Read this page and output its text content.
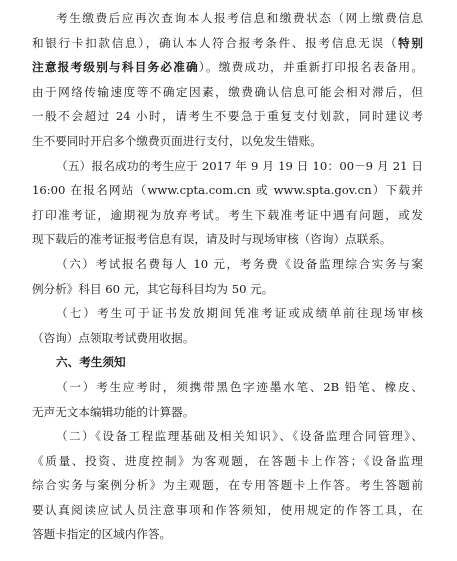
考生缴费后应再次查询本人报考信息和缴费状态（网上缴费信息
和银行卡扣款信息），确认本人符合报考条件、报考信息无误（特别
注意报考级别与科目务必准确）。缴费成功，并重新打印报名表备用。
由于网络传输速度等不确定因素，缴费确认信息可能会相对滞后，但
一般不会超过 24 小时，请考生不要急于重复支付划款，同时建议考
生不要同时开启多个缴费页面进行支付，以免发生错账。
（五）报名成功的考生应于 2017 年 9 月 19 日 10：00－9 月 21 日
16:00 在报名网站（www.cpta.com.cn 或 www.spta.gov.cn）下载并
打印准考证，逾期视为放弃考试。考生下载准考证中遇有问题，或发
现下载后的准考证报考信息有误，请及时与现场审核（咨询）点联系。
（六）考试报名费每人 10 元，考务费《设备监理综合实务与案
例分析》科目 60 元，其它每科目均为 50 元。
（七）考生可于证书发放期间凭准考证或成绩单前往现场审核
（咨询）点领取考试费用收据。
六、考生须知
（一）考生应考时，须携带黑色字迹墨水笔、2B 铅笔、橡皮、
无声无文本编辑功能的计算器。
（二）《设备工程监理基础及相关知识》、《设备监理合同管理》、
《质量、投资、进度控制》为客观题，在答题卡上作答；《设备监理
综合实务与案例分析》为主观题，在专用答题卡上作答。考生答题前
要认真阅读应试人员注意事项和作答须知，使用规定的作答工具，在
答题卡指定的区域内作答。
